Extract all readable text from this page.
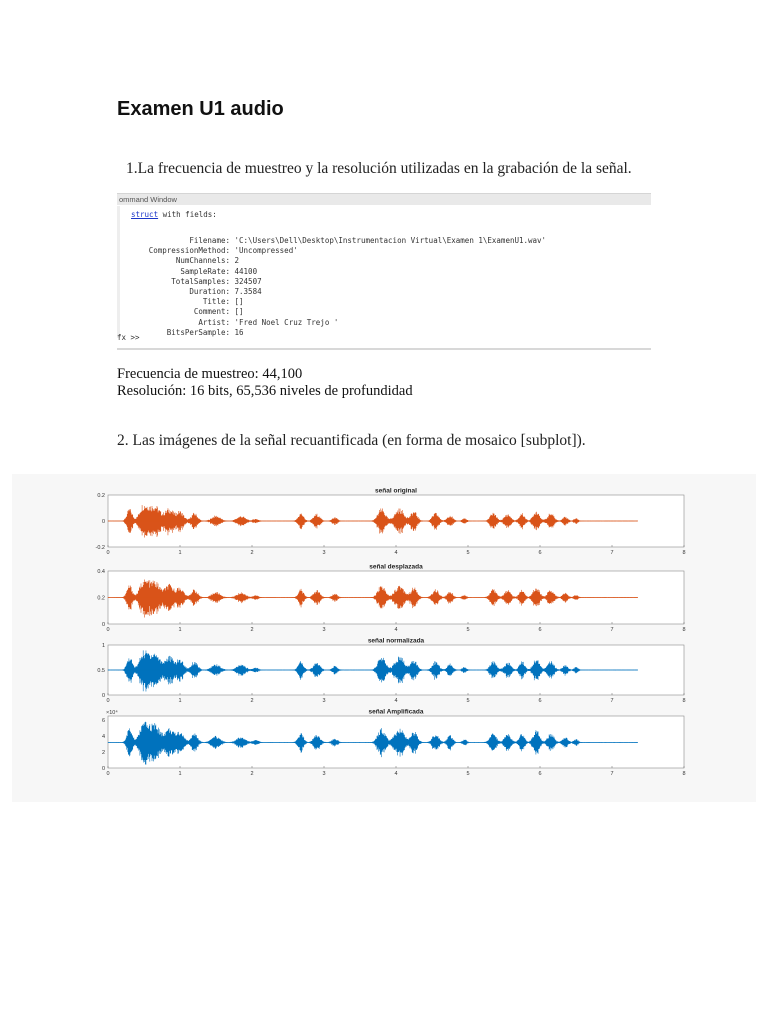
Examen U1 audio
1.La frecuencia de muestreo y la resolución utilizadas en la grabación de la señal.
ommand Window
struct with fields:
Filename: 'C:\Users\Dell\Desktop\Instrumentacion Virtual\Examen 1\ExamenU1.wav'
CompressionMethod: 'Uncompressed'
NumChannels: 2
SampleRate: 44100
TotalSamples: 324507
Duration: 7.3584
Title: []
Comment: []
Artist: 'Fred Noel Cruz Trejo '
BitsPerSample: 16
fx >>
Frecuencia de muestreo: 44,100
Resolución: 16 bits, 65,536 niveles de profundidad
2. Las imágenes de la señal recuantificada (en forma de mosaico [subplot]).
señal original
0	1	2	3	4	5	6	7	8
0.2
0
-0.2
señal desplazada
0	1	2	3	4	5	6	7	8
0.4
0.2
0
señal normalizada
0	1	2	3	4	5	6	7	8
1
0.5
0
señal Amplificada
0	1	2	3	4	5	6	7	8
6
4
2
0
×10⁴
